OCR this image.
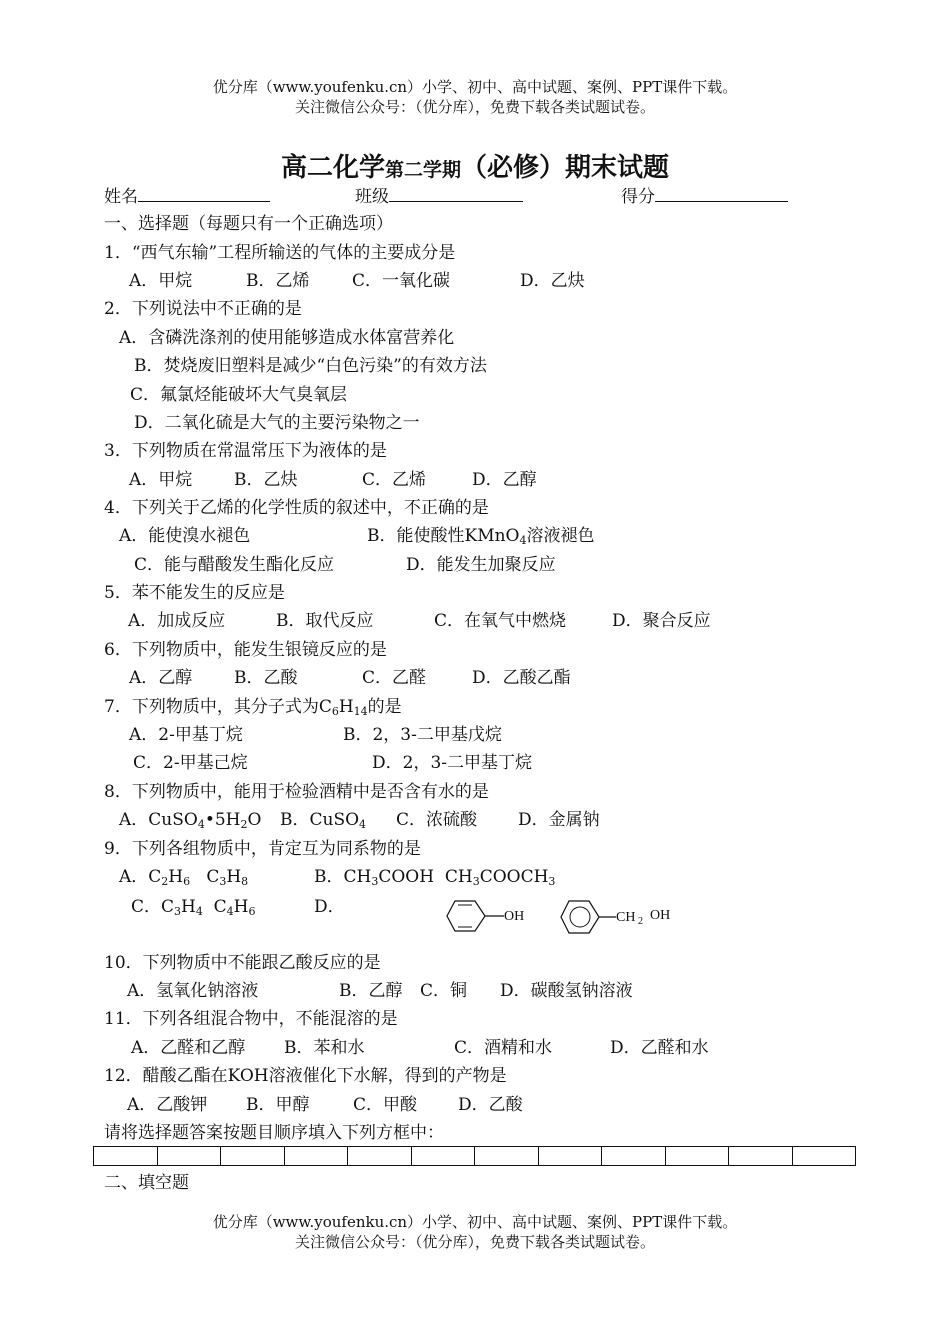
优分库（www.youfenku.cn）小学、初中、高中试题、案例、PPT课件下载。
关注微信公众号：（优分库），免费下载各类试题试卷。
高二化学第二学期（必修）期末试题
姓名	班级	得分
一、选择题（每题只有一个正确选项）
1．“西气东输”工程所输送的气体的主要成分是
A．甲烷	B．乙烯	C．一氧化碳	D．乙炔
2．下列说法中不正确的是
A．含磷洗涤剂的使用能够造成水体富营养化
B．焚烧废旧塑料是减少“白色污染”的有效方法
C．氟氯烃能破坏大气臭氧层
D．二氧化硫是大气的主要污染物之一
3．下列物质在常温常压下为液体的是
A．甲烷 B．乙炔	C．乙烯	D．乙醇
4．下列关于乙烯的化学性质的叙述中，不正确的是
A．能使溴水褪色	B．能使酸性KMnO$_4$溶液褪色
C．能与醋酸发生酯化反应	D．能发生加聚反应
5．苯不能发生的反应是
A．加成反应	B．取代反应	C．在氧气中燃烧	D．聚合反应
6．下列物质中，能发生银镜反应的是
A．乙醇 B．乙酸	C．乙醛	D．乙酸乙酯
7．下列物质中，其分子式为$C_6H_{14}$的是
A．2-甲基丁烷	B．2，3-二甲基戊烷
C．2-甲基己烷	D．2，3-二甲基丁烷
8．下列物质中，能用于检验酒精中是否含有水的是
A．$CuSO_4•5H_2O$ B．CuSO$_4$ C．浓硫酸 D．金属钠
9．下列各组物质中，肯定互为同系物的是
A．$C_2H_6$   $C_3H_8$	B．$CH_3COOH$  $CH_3COOCH_3$
C．$C_3H_4$  $C_4H_6$	D．	OH	CH 2 OH
10．下列物质中不能跟乙酸反应的是
A．氢氧化钠溶液	B．乙醇 C．铜 D．碳酸氢钠溶液
11．下列各组混合物中，不能混溶的是
A．乙醛和乙醇 B．苯和水	C．酒精和水	D．乙醛和水
12．醋酸乙酯在KOH溶液催化下水解，得到的产物是
A．乙酸钾 B．甲醇	C．甲酸 D．乙酸
请将选择题答案按题目顺序填入下列方框中：
二、填空题
优分库（www.youfenku.cn）小学、初中、高中试题、案例、PPT课件下载。
关注微信公众号：（优分库），免费下载各类试题试卷。
